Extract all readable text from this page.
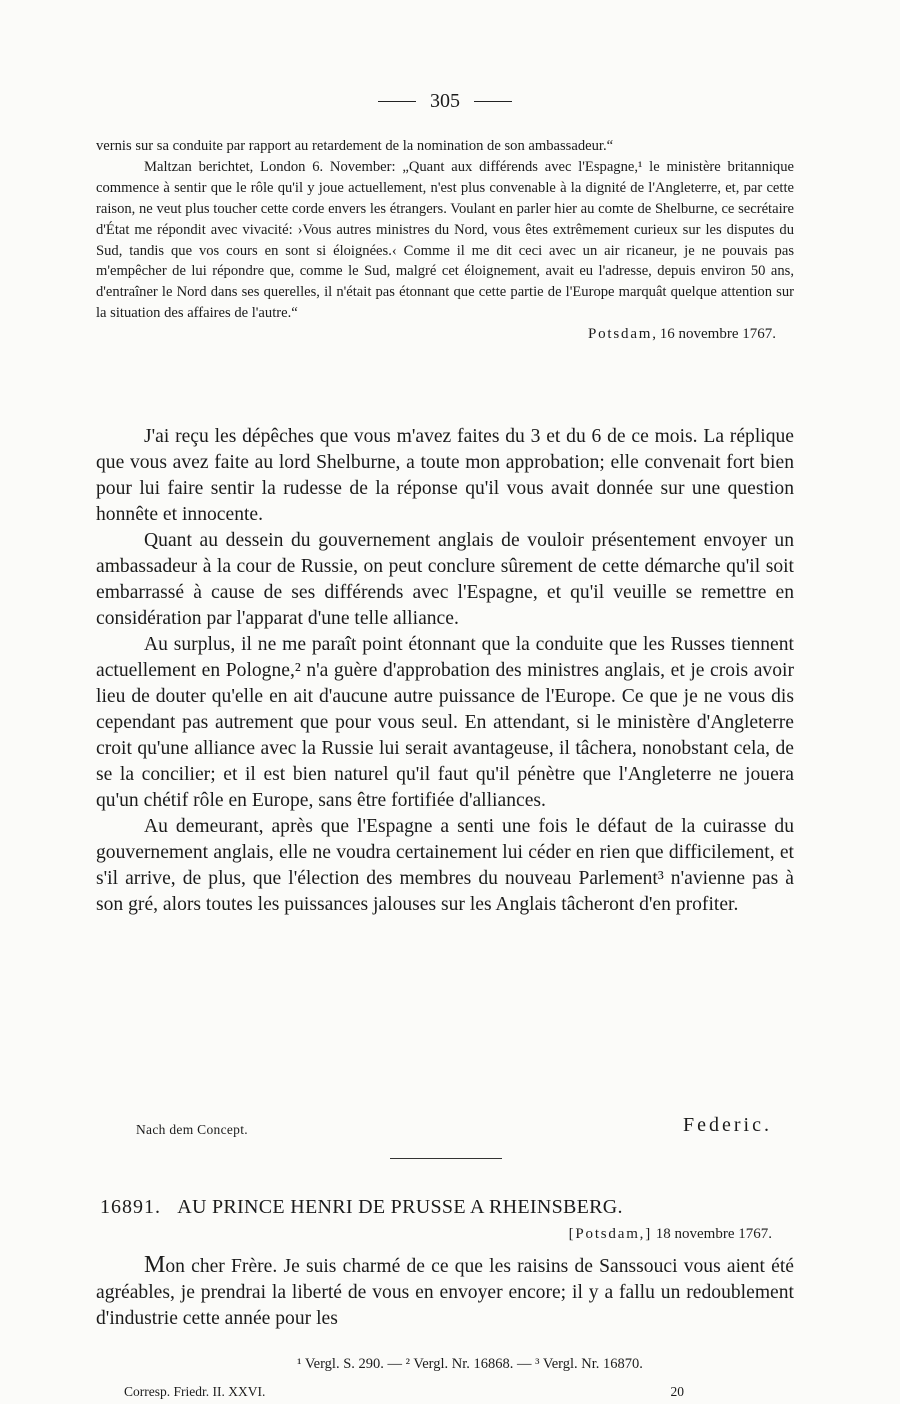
305

vernis sur sa conduite par rapport au retardement de la nomination de son ambassadeur.“

Maltzan berichtet, London 6. November: „Quant aux différends avec l'Espagne,¹ le ministère britannique commence à sentir que le rôle qu'il y joue actuellement, n'est plus convenable à la dignité de l'Angleterre, et, par cette raison, ne veut plus toucher cette corde envers les étrangers. Voulant en parler hier au comte de Shelburne, ce secrétaire d'État me répondit avec vivacité: ›Vous autres ministres du Nord, vous êtes extrêmement curieux sur les disputes du Sud, tandis que vos cours en sont si éloignées.‹ Comme il me dit ceci avec un air ricaneur, je ne pouvais pas m'empêcher de lui répondre que, comme le Sud, malgré cet éloignement, avait eu l'adresse, depuis environ 50 ans, d'entraîner le Nord dans ses querelles, il n'était pas étonnant que cette partie de l'Europe marquât quelque attention sur la situation des affaires de l'autre.“

Potsdam, 16 novembre 1767.

J'ai reçu les dépêches que vous m'avez faites du 3 et du 6 de ce mois. La réplique que vous avez faite au lord Shelburne, a toute mon approbation; elle convenait fort bien pour lui faire sentir la rudesse de la réponse qu'il vous avait donnée sur une question honnête et innocente.

Quant au dessein du gouvernement anglais de vouloir présentement envoyer un ambassadeur à la cour de Russie, on peut conclure sûrement de cette démarche qu'il soit embarrassé à cause de ses différends avec l'Espagne, et qu'il veuille se remettre en considération par l'apparat d'une telle alliance.

Au surplus, il ne me paraît point étonnant que la conduite que les Russes tiennent actuellement en Pologne,² n'a guère d'approbation des ministres anglais, et je crois avoir lieu de douter qu'elle en ait d'aucune autre puissance de l'Europe. Ce que je ne vous dis cependant pas autrement que pour vous seul. En attendant, si le ministère d'Angleterre croit qu'une alliance avec la Russie lui serait avantageuse, il tâchera, nonobstant cela, de se la concilier; et il est bien naturel qu'il faut qu'il pénètre que l'Angleterre ne jouera qu'un chétif rôle en Europe, sans être fortifiée d'alliances.

Au demeurant, après que l'Espagne a senti une fois le défaut de la cuirasse du gouvernement anglais, elle ne voudra certainement lui céder en rien que difficilement, et s'il arrive, de plus, que l'élection des membres du nouveau Parlement³ n'avienne pas à son gré, alors toutes les puissances jalouses sur les Anglais tâcheront d'en profiter.

Nach dem Concept.	Federic.
16891. AU PRINCE HENRI DE PRUSSE A RHEINSBERG.
[Potsdam,] 18 novembre 1767.

Mon cher Frère. Je suis charmé de ce que les raisins de Sanssouci vous aient été agréables, je prendrai la liberté de vous en envoyer encore; il y a fallu un redoublement d'industrie cette année pour les

¹ Vergl. S. 290. — ² Vergl. Nr. 16868. — ³ Vergl. Nr. 16870.
Corresp. Friedr. II. XXVI.	20
